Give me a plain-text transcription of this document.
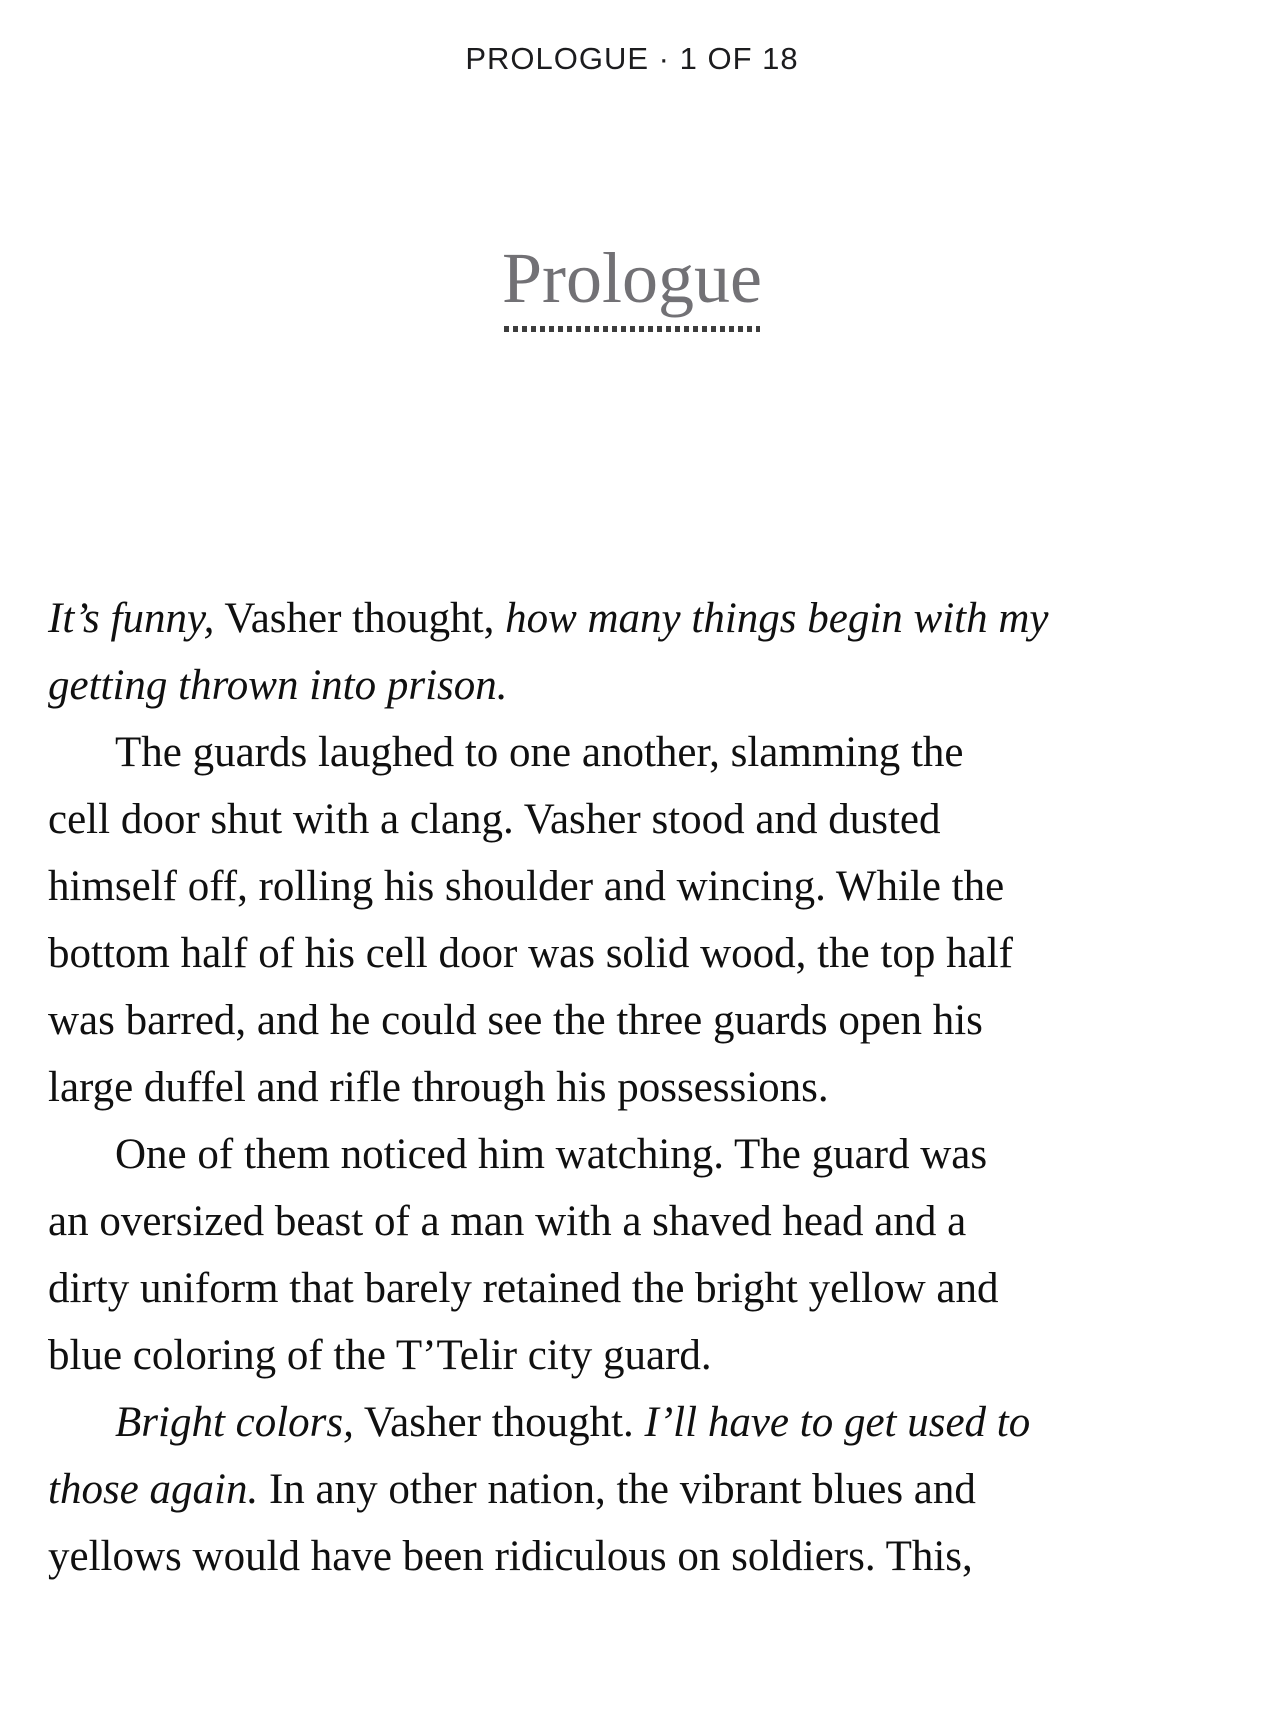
PROLOGUE · 1 OF 18
Prologue
It’s funny, Vasher thought, how many things begin with my
getting thrown into prison.
The guards laughed to one another, slamming the
cell door shut with a clang. Vasher stood and dusted
himself off, rolling his shoulder and wincing. While the
bottom half of his cell door was solid wood, the top half
was barred, and he could see the three guards open his
large duffel and rifle through his possessions.
One of them noticed him watching. The guard was
an oversized beast of a man with a shaved head and a
dirty uniform that barely retained the bright yellow and
blue coloring of the T’Telir city guard.
Bright colors, Vasher thought. I’ll have to get used to
those again. In any other nation, the vibrant blues and
yellows would have been ridiculous on soldiers. This,
